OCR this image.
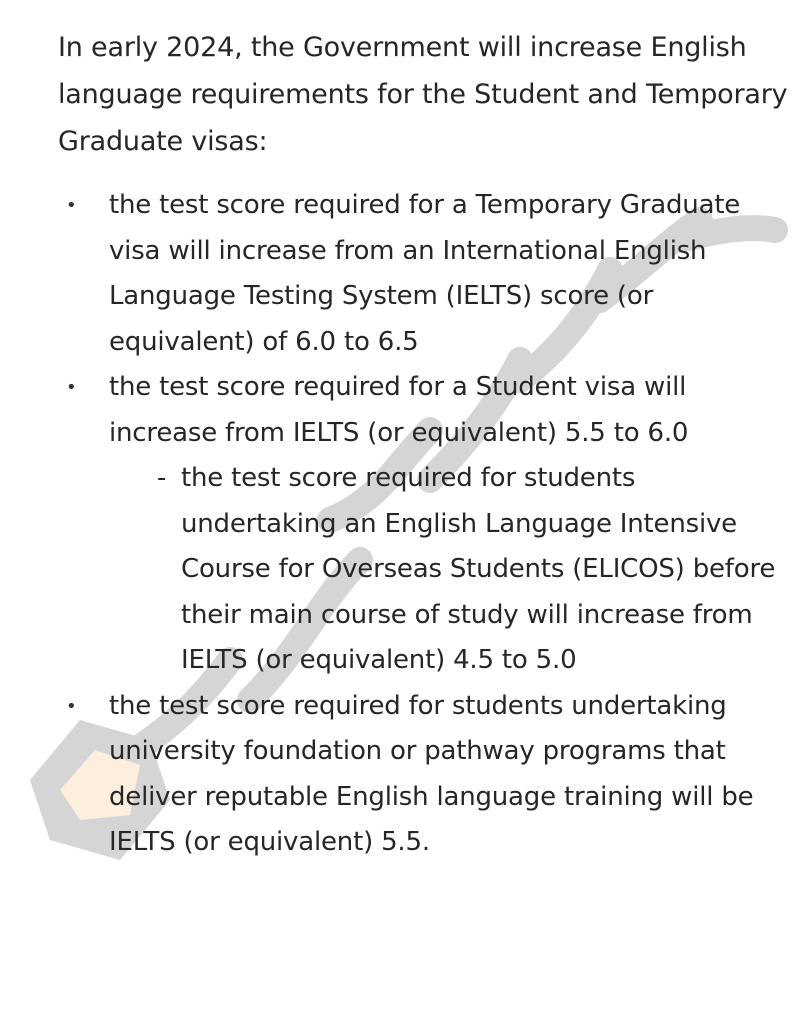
In early 2024, the Government will increase English language requirements for the Student and Temporary Graduate visas:

• the test score required for a Temporary Graduate visa will increase from an International English Language Testing System (IELTS) score (or equivalent) of 6.0 to 6.5
• the test score required for a Student visa will increase from IELTS (or equivalent) 5.5 to 6.0
- the test score required for students undertaking an English Language Intensive Course for Overseas Students (ELICOS) before their main course of study will increase from IELTS (or equivalent) 4.5 to 5.0
• the test score required for students undertaking university foundation or pathway programs that deliver reputable English language training will be IELTS (or equivalent) 5.5.
